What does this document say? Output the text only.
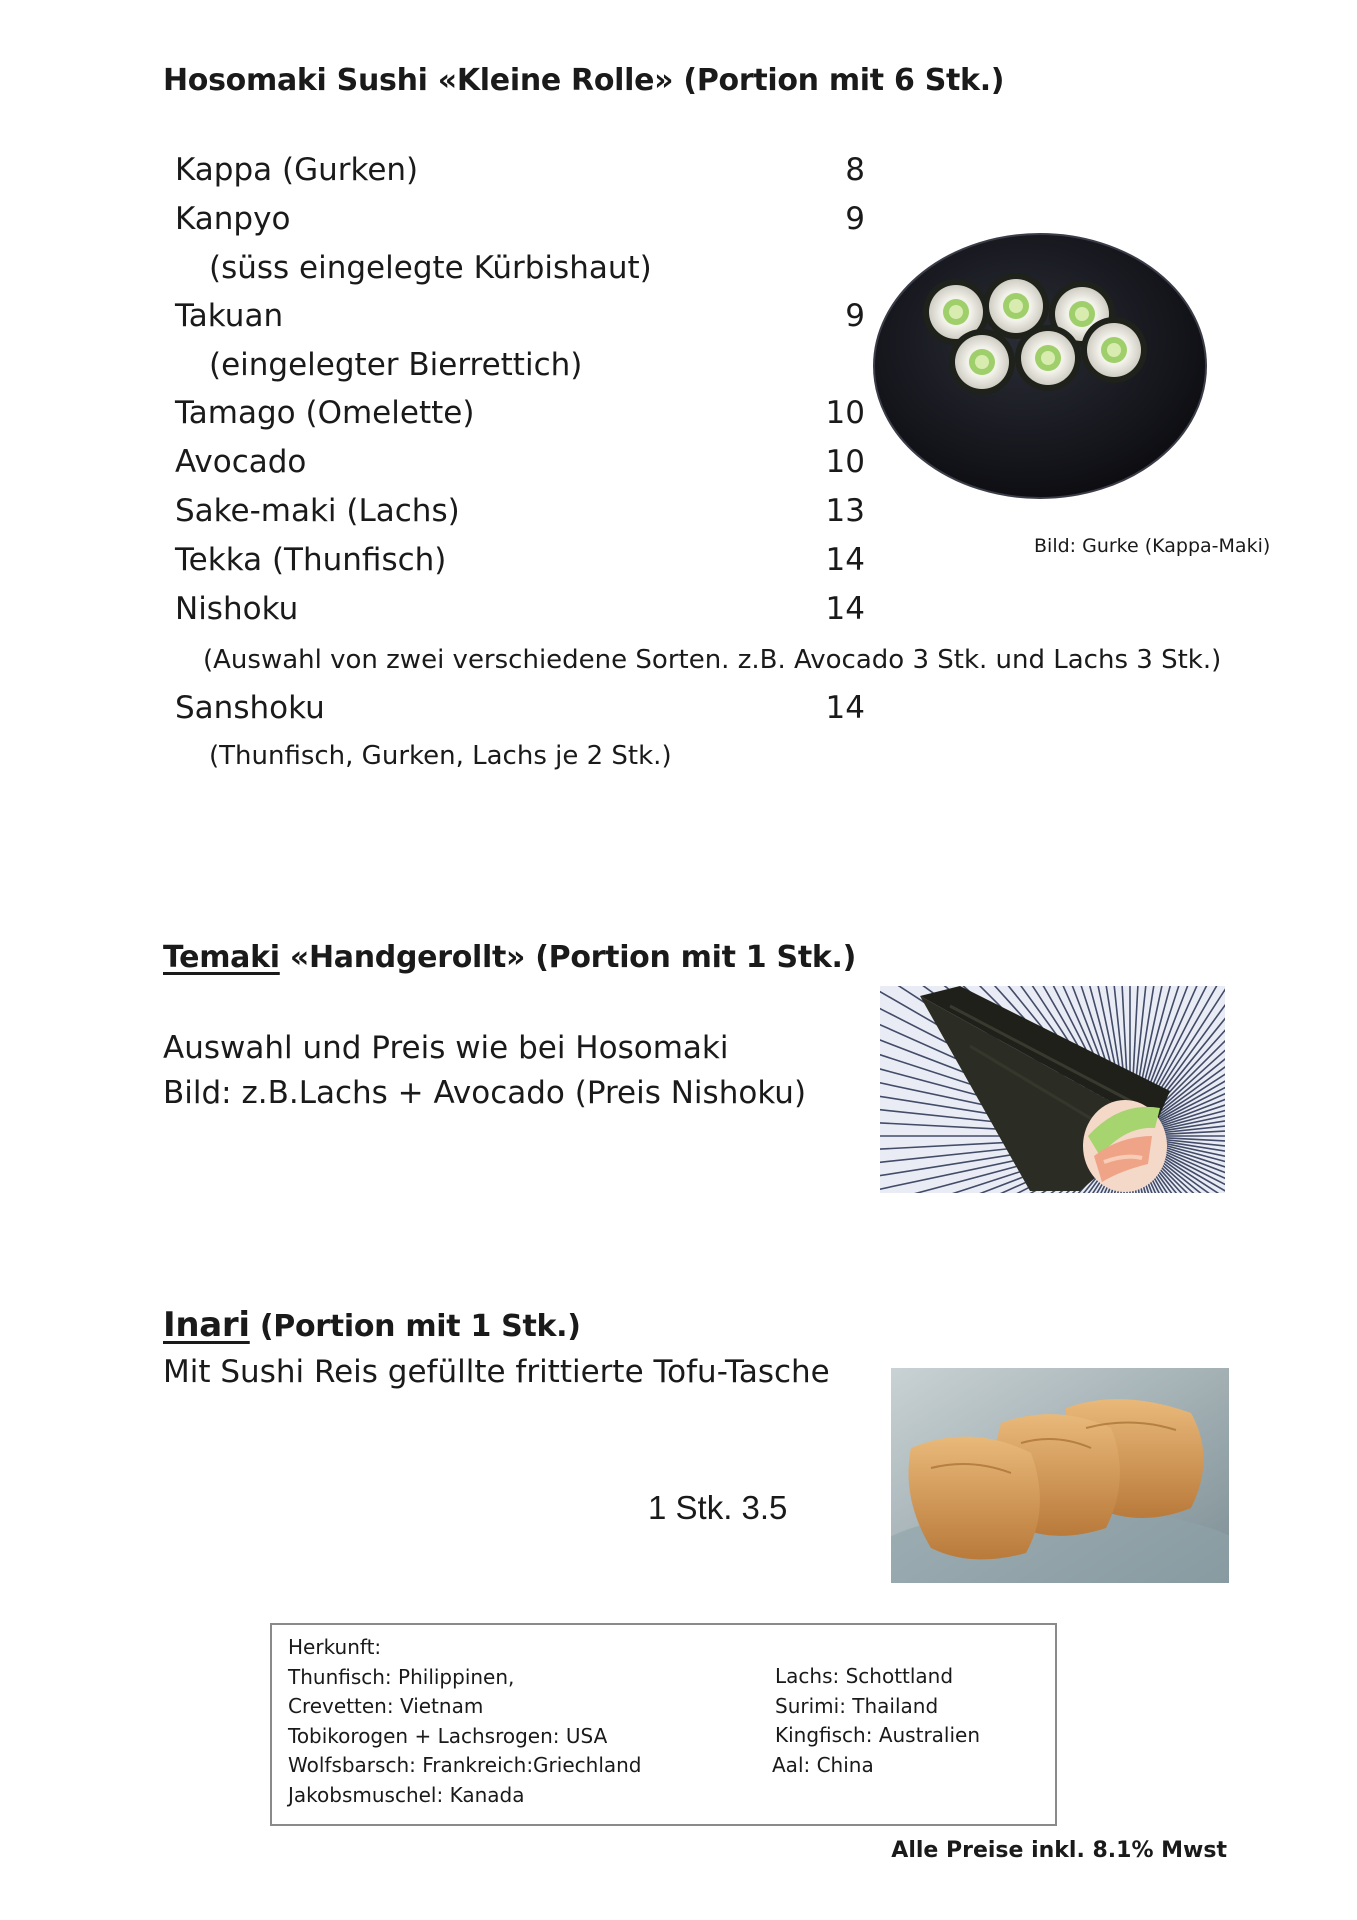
Hosomaki Sushi «Kleine Rolle» (Portion mit 6 Stk.)
Kappa (Gurken)	8
Kanpyo	9
(süss eingelegte Kürbishaut)
Takuan	9
(eingelegter Bierrettich)
Tamago (Omelette)	10
Avocado	10
Sake-maki (Lachs)	13
Tekka (Thunfisch)	14
Nishoku	14
(Auswahl von zwei verschiedene Sorten. z.B. Avocado 3 Stk. und Lachs 3 Stk.)
Sanshoku	14
(Thunfisch, Gurken, Lachs je 2 Stk.)
Bild: Gurke (Kappa-Maki)
Temaki «Handgerollt» (Portion mit 1 Stk.)
Auswahl und Preis wie bei Hosomaki
Bild: z.B.Lachs + Avocado (Preis Nishoku)
Inari (Portion mit 1 Stk.)
Mit Sushi Reis gefüllte frittierte Tofu-Tasche
1 Stk. 3.5
Herkunft:
Thunfisch: Philippinen,
Crevetten: Vietnam
Tobikorogen + Lachsrogen: USA
Wolfsbarsch: Frankreich:Griechland
Jakobsmuschel: Kanada
Lachs: Schottland
Surimi: Thailand
Kingfisch: Australien
Aal: China
Alle Preise inkl. 8.1% Mwst
